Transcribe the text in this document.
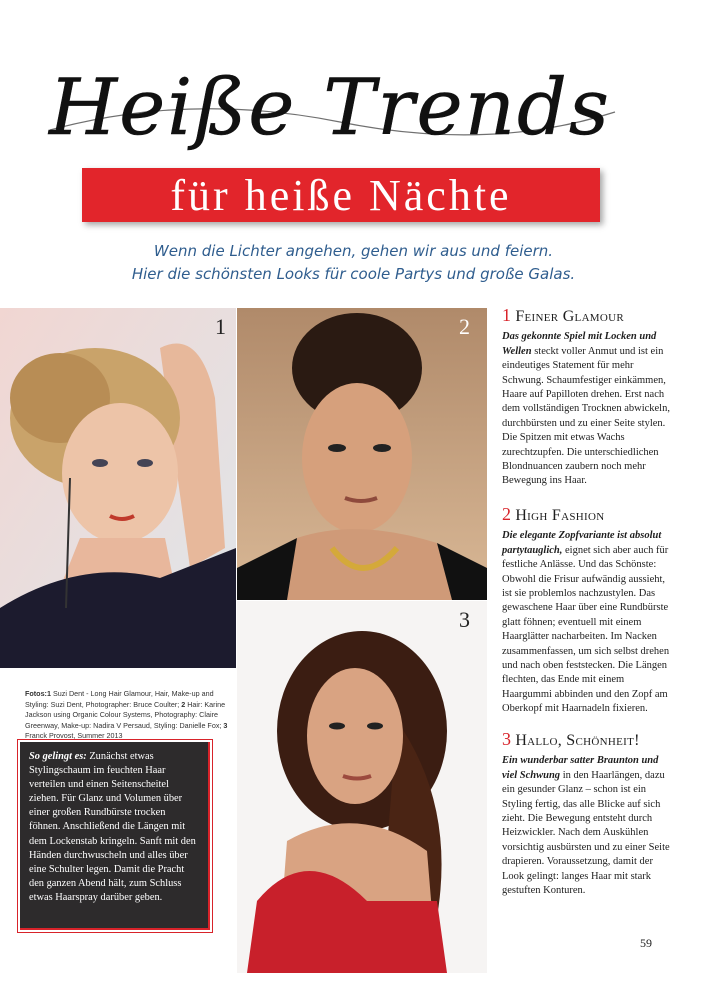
Heiße Trends
für heiße Nächte
Wenn die Lichter angehen, gehen wir aus und feiern.
Hier die schönsten Looks für coole Partys und große Galas.
1	2
3
Fotos:1 Suzi Dent - Long Hair Glamour, Hair, Make-up and Styling: Suzi Dent, Photographer: Bruce Coulter; 2 Hair: Karine Jackson using Organic Colour Systems, Photography: Claire Greenway, Make-up: Nadira V Persaud, Styling: Danielle Fox; 3 Franck Provost, Summer 2013

So gelingt es: Zunächst etwas Stylingschaum im feuchten Haar verteilen und einen Seitenscheitel ziehen. Für Glanz und Volumen über einer großen Rundbürste trocken föhnen. Anschließend die Längen mit dem Lockenstab kringeln. Sanft mit den Händen durchwuscheln und alles über eine Schulter legen. Damit die Pracht den ganzen Abend hält, zum Schluss etwas Haarspray darüber geben.

1 Feiner Glamour

Das gekonnte Spiel mit Locken und Wellen steckt voller Anmut und ist ein eindeutiges Statement für mehr Schwung. Schaumfestiger einkämmen, Haare auf Papilloten drehen. Erst nach dem vollständigen Trocknen abwickeln, durchbürsten und zu einer Seite stylen. Die Spitzen mit etwas Wachs zurechtzupfen. Die unterschiedlichen Blondnuancen zaubern noch mehr Bewegung ins Haar.

2 High Fashion

Die elegante Zopfvariante ist absolut partytauglich, eignet sich aber auch für festliche Anlässe. Und das Schönste: Obwohl die Frisur aufwändig aussieht, ist sie problemlos nachzustylen. Das gewaschene Haar über eine Rundbürste glatt föhnen; eventuell mit einem Haarglätter nacharbeiten. Im Nacken zusammenfassen, um sich selbst drehen und nach oben feststecken. Die Längen flechten, das Ende mit einem Haargummi abbinden und den Zopf am Oberkopf mit Haarnadeln fixieren.

3 Hallo, Schönheit!

Ein wunderbar satter Braunton und viel Schwung in den Haarlängen, dazu ein gesunder Glanz – schon ist ein Styling fertig, das alle Blicke auf sich zieht. Die Bewegung entsteht durch Heizwickler. Nach dem Auskühlen vorsichtig ausbürsten und zu einer Seite drapieren. Voraussetzung, damit der Look gelingt: langes Haar mit stark gestuften Konturen.

59
